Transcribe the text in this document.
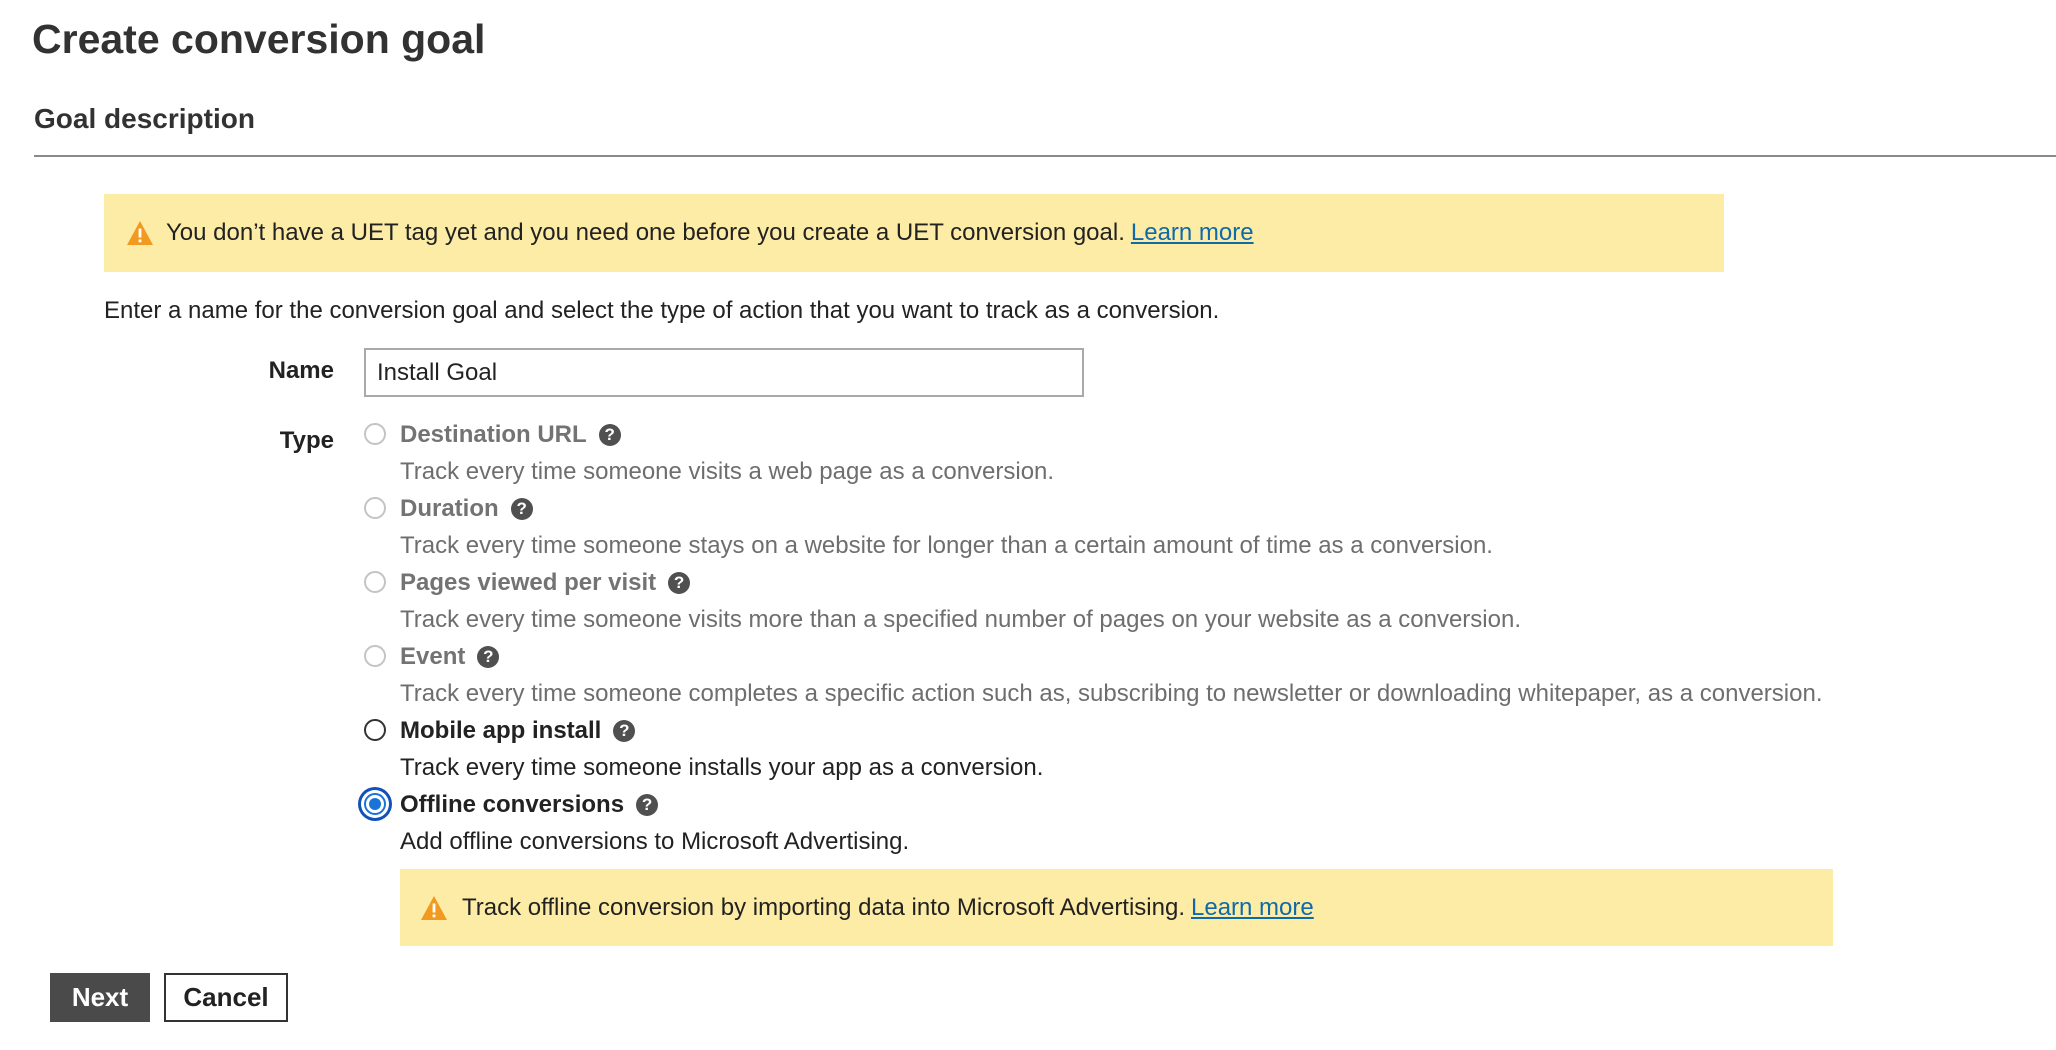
Create conversion goal
Goal description
You don’t have a UET tag yet and you need one before you create a UET conversion goal. Learn more
Enter a name for the conversion goal and select the type of action that you want to track as a conversion.
Name
Install Goal
Type	Destination URL	?
Track every time someone visits a web page as a conversion.
Duration	?
Track every time someone stays on a website for longer than a certain amount of time as a conversion.
Pages viewed per visit	?
Track every time someone visits more than a specified number of pages on your website as a conversion.
Event	?
Track every time someone completes a specific action such as, subscribing to newsletter or downloading whitepaper, as a conversion.
Mobile app install	?
Track every time someone installs your app as a conversion.
Offline conversions	?
Add offline conversions to Microsoft Advertising.
Track offline conversion by importing data into Microsoft Advertising. Learn more
Next	Cancel
